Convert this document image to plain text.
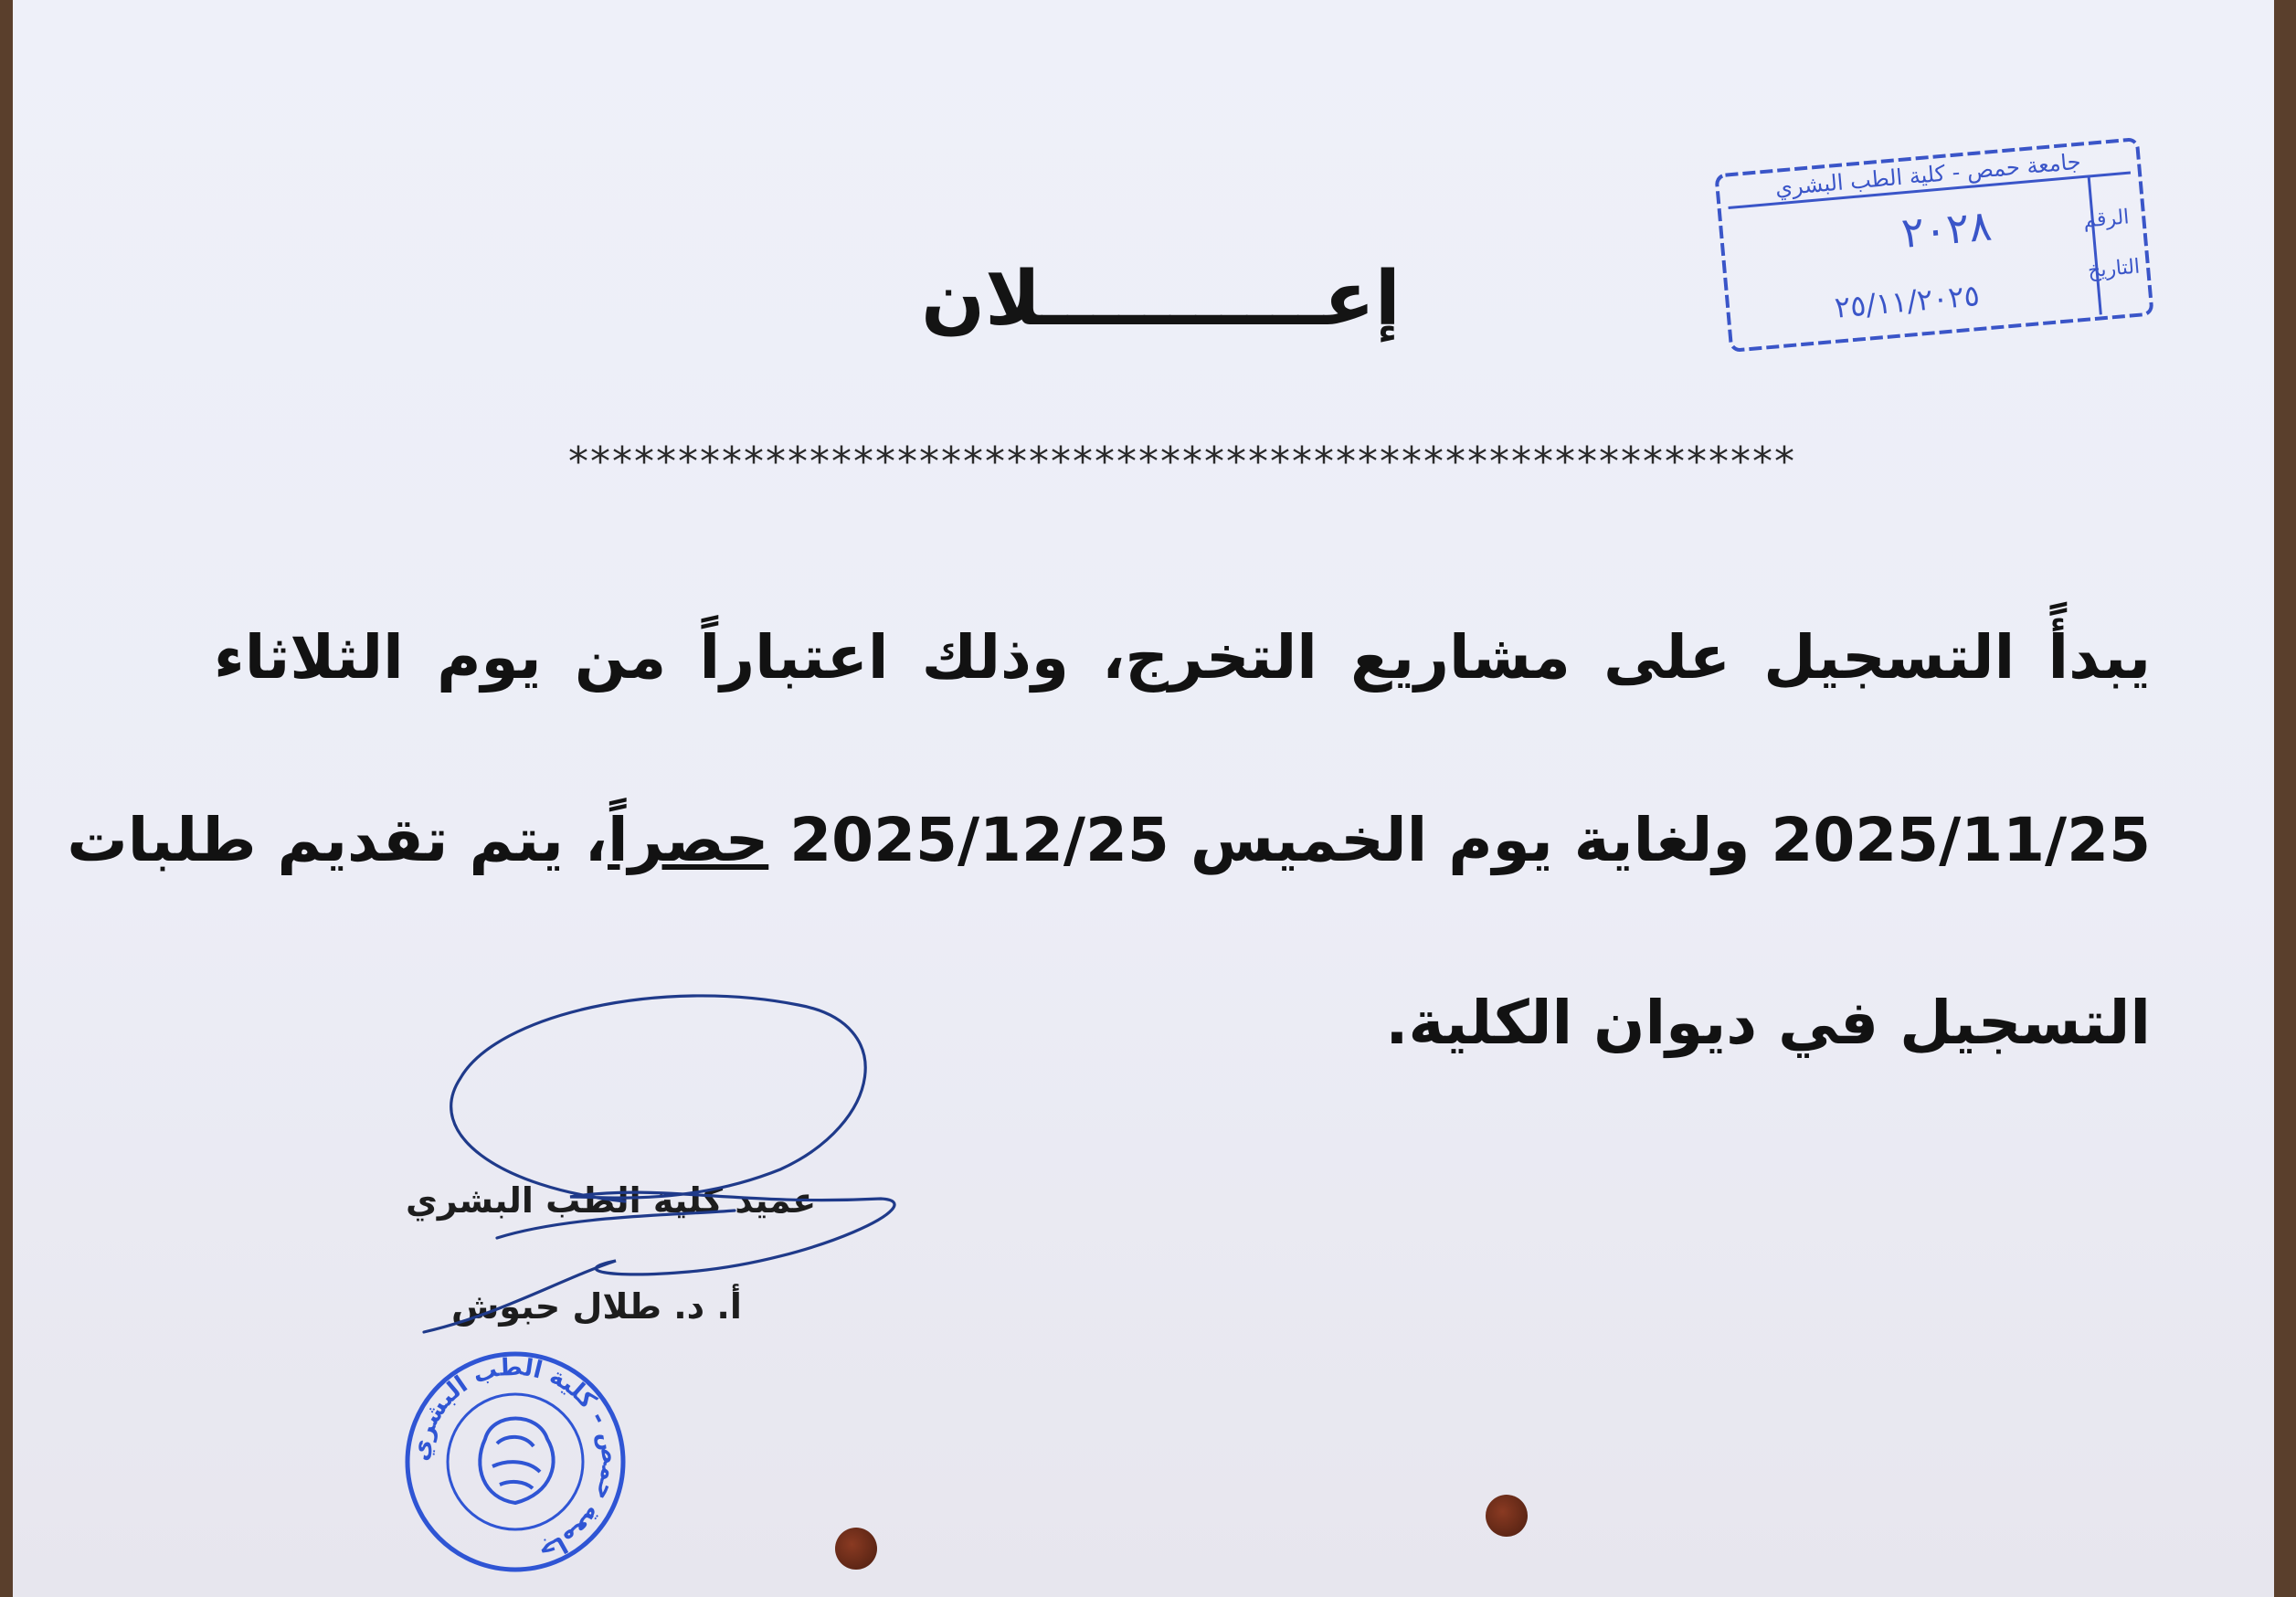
إعـــــــــــلان
********************************************************
يبدأً التسجيل على مشاريع التخرج، وذلك اعتباراً من يوم الثلاثاء
2025/11/25 ولغاية يوم الخميس 2025/12/25 حصراً، يتم تقديم طلبات
التسجيل في ديوان الكلية.
جامعة حمص - كلية الطب البشري
الرقم
٢٠٢٨
التاريخ
٢٥/١١/٢٠٢٥
عميد كلية الطب البشري
أ. د. طلال حبوش
جامعة حمص - كلية الطب البشري
